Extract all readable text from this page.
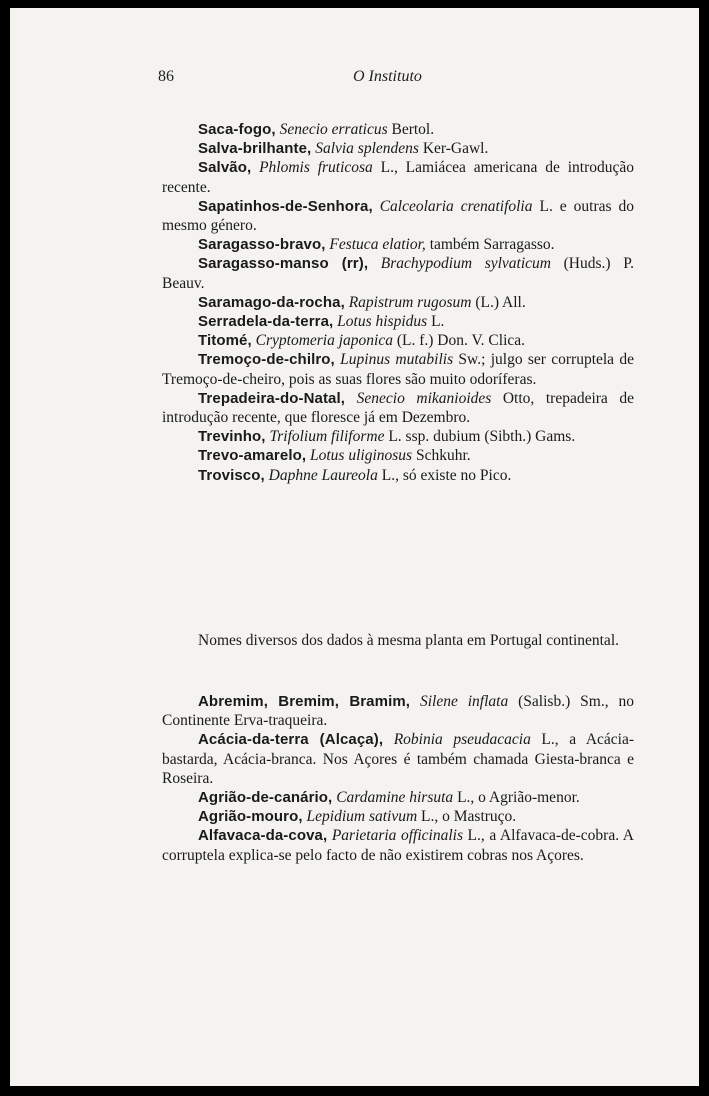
86	O Instituto

Saca-fogo, Senecio erraticus Bertol.

Salva-brilhante, Salvia splendens Ker-Gawl.

Salvão, Phlomis fruticosa L., Lamiácea americana de introdução recente.

Sapatinhos-de-Senhora, Calceolaria crenatifolia L. e outras do mesmo género.

Saragasso-bravo, Festuca elatior, também Sarragasso.

Saragasso-manso (rr), Brachypodium sylvaticum (Huds.) P. Beauv.

Saramago-da-rocha, Rapistrum rugosum (L.) All.

Serradela-da-terra, Lotus hispidus L.

Titomé, Cryptomeria japonica (L. f.) Don. V. Clica.

Tremoço-de-chilro, Lupinus mutabilis Sw.; julgo ser corruptela de Tremoço-de-cheiro, pois as suas flores são muito odoríferas.

Trepadeira-do-Natal, Senecio mikanioides Otto, trepadeira de introdução recente, que floresce já em Dezembro.

Trevinho, Trifolium filiforme L. ssp. dubium (Sibth.) Gams.

Trevo-amarelo, Lotus uliginosus Schkuhr.

Trovisco, Daphne Laureola L., só existe no Pico.

Nomes diversos dos dados à mesma planta em Portugal continental.

Abremim, Bremim, Bramim, Silene inflata (Salisb.) Sm., no Continente Erva-traqueira.

Acácia-da-terra (Alcaça), Robinia pseudacacia L., a Acácia-bastarda, Acácia-branca. Nos Açores é também chamada Giesta-branca e Roseira.

Agrião-de-canário, Cardamine hirsuta L., o Agrião-menor.

Agrião-mouro, Lepidium sativum L., o Mastruço.

Alfavaca-da-cova, Parietaria officinalis L., a Alfavaca-de-cobra. A corruptela explica-se pelo facto de não existirem cobras nos Açores.
